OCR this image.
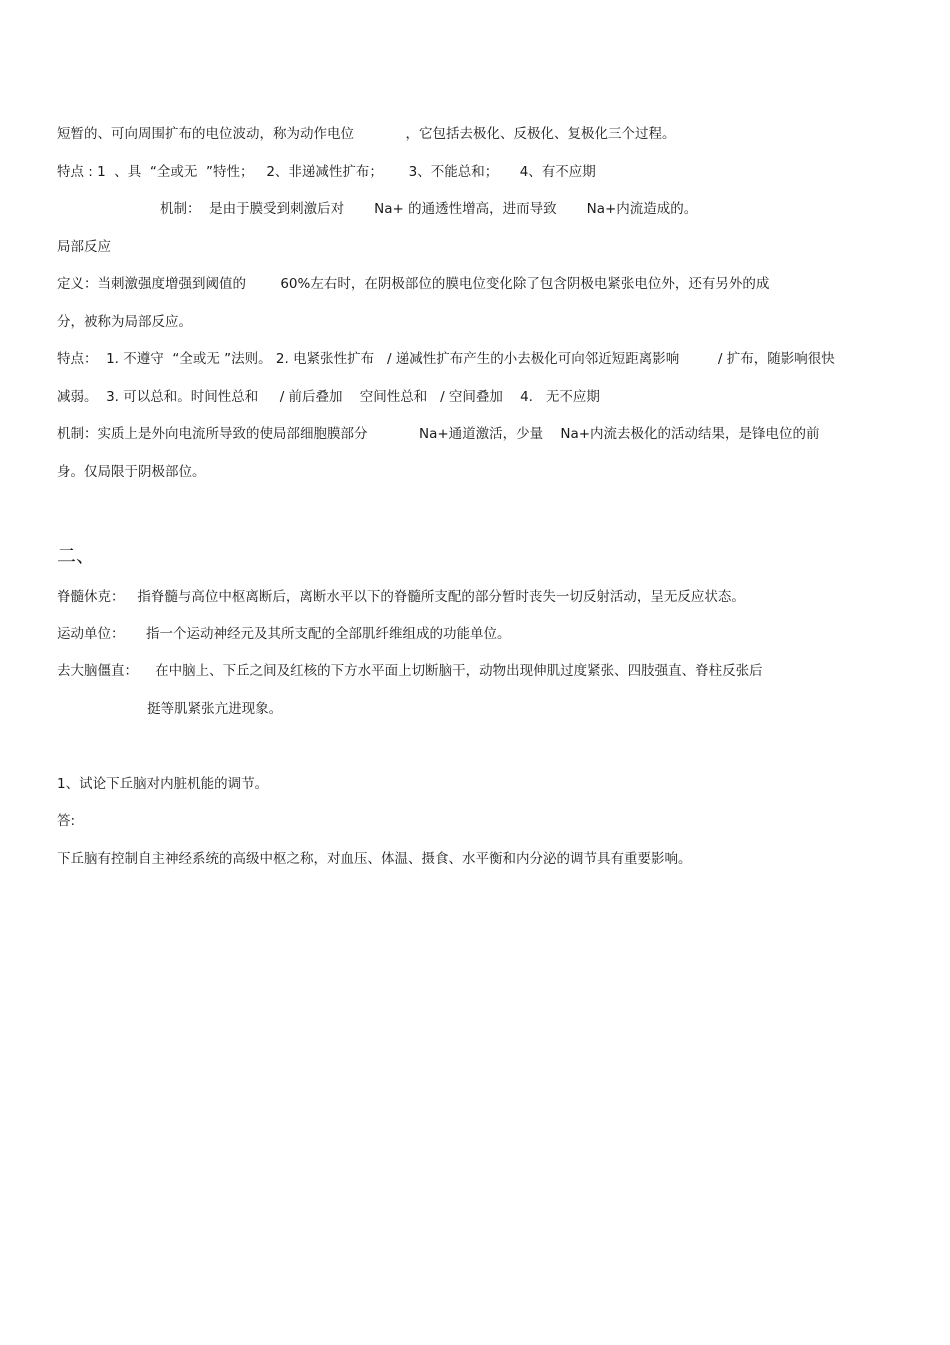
短暂的、可向周围扩布的电位波动，称为动作电位            ，它包括去极化、反极化、复极化三个过程。
特点 : 1  、具  “全或无  ”特性；   2、非递减性扩布；      3、不能总和；     4、有不应期
机制：  是由于膜受到刺激后对       Na+ 的通透性增高，进而导致       Na+内流造成的。
局部反应
定义：当刺激强度增强到阈值的        60%左右时，在阴极部位的膜电位变化除了包含阴极电紧张电位外，还有另外的成
分，被称为局部反应。
特点：  1. 不遵守  “全或无 ”法则。 2. 电紧张性扩布   / 递减性扩布产生的小去极化可向邻近短距离影响         / 扩布，随影响很快
减弱。  3. 可以总和。时间性总和     / 前后叠加    空间性总和   / 空间叠加    4.   无不应期
机制：实质上是外向电流所导致的使局部细胞膜部分            Na+通道激活，少量    Na+内流去极化的活动结果，是锋电位的前
身。仅局限于阴极部位。
二、
脊髓休克：   指脊髓与高位中枢离断后，离断水平以下的脊髓所支配的部分暂时丧失一切反射活动，呈无反应状态。
运动单位：     指一个运动神经元及其所支配的全部肌纤维组成的功能单位。
去大脑僵直：    在中脑上、下丘之间及红核的下方水平面上切断脑干，动物出现伸肌过度紧张、四肢强直、脊柱反张后
挺等肌紧张亢进现象。
1、试论下丘脑对内脏机能的调节。
答:
下丘脑有控制自主神经系统的高级中枢之称，对血压、体温、摄食、水平衡和内分泌的调节具有重要影响。
